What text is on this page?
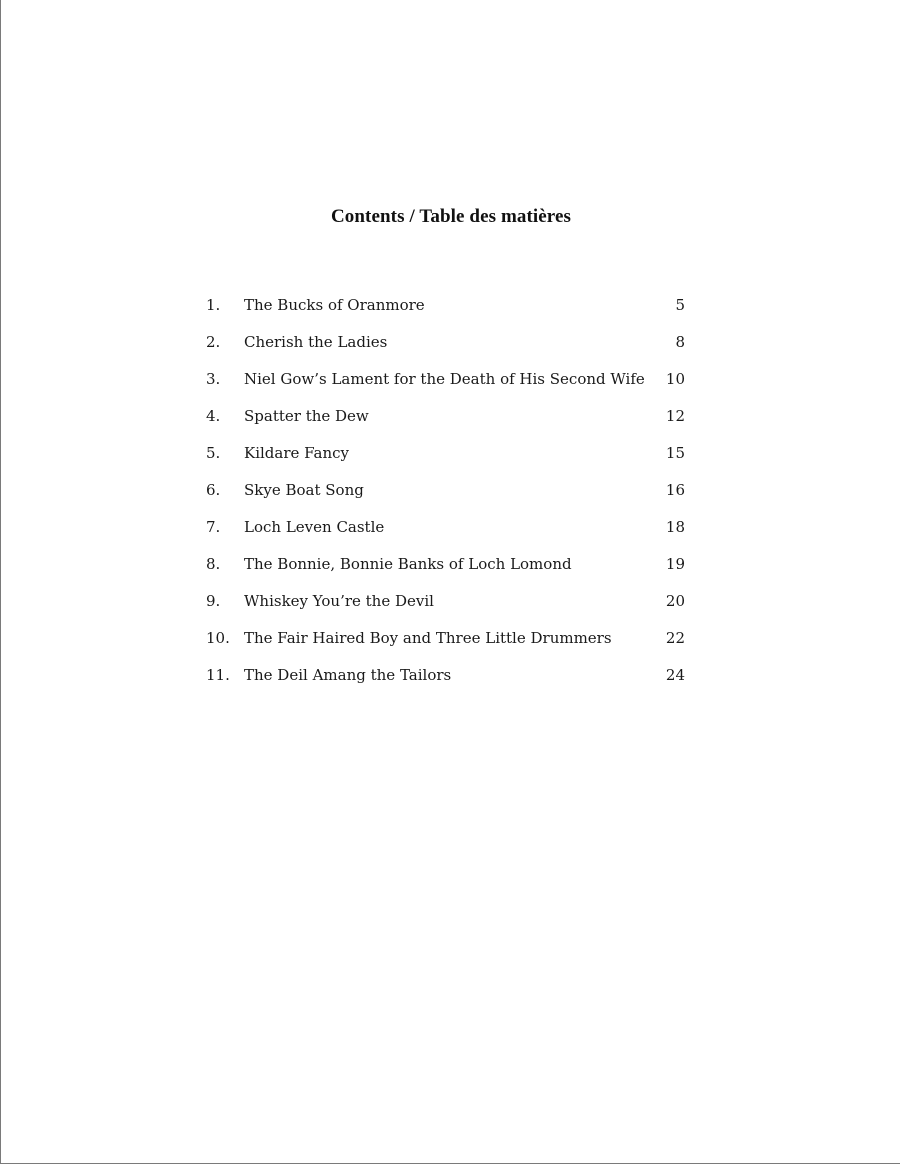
Contents / Table des matières
1.	The Bucks of Oranmore	5
2.	Cherish the Ladies	8
3.	Niel Gow’s Lament for the Death of His Second Wife	10
4.	Spatter the Dew	12
5.	Kildare Fancy	15
6.	Skye Boat Song	16
7.	Loch Leven Castle	18
8.	The Bonnie, Bonnie Banks of Loch Lomond	19
9.	Whiskey You’re the Devil	20
10. The Fair Haired Boy and Three Little Drummers	22
11. The Deil Amang the Tailors	24
